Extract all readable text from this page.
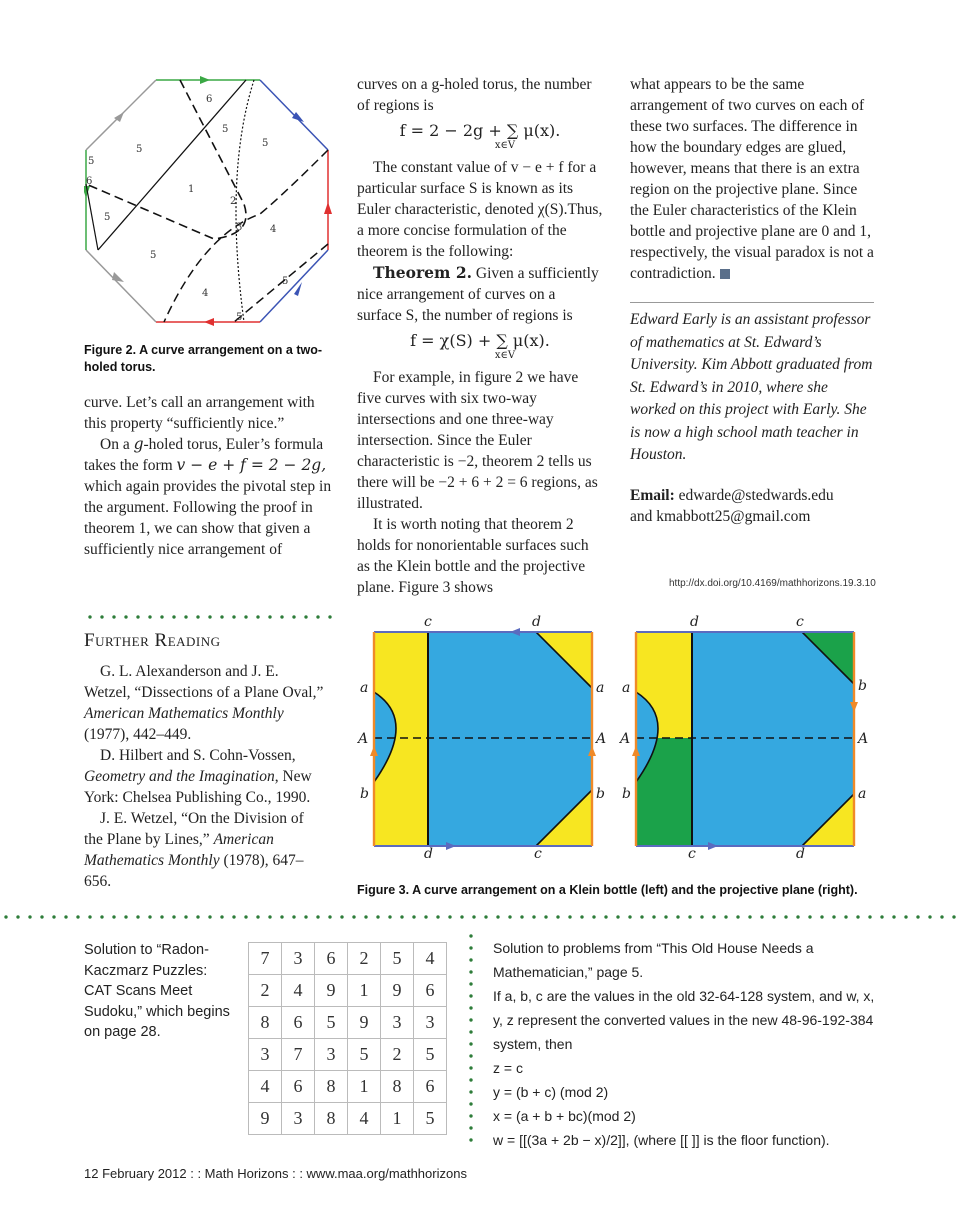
6
5
5
5
5
1
2
3	4
5
5
4
5
5
6
Figure 2. A curve arrangement on a two-holed torus.

curve. Let’s call an arrangement with this property “sufficiently nice.”

On a g-holed torus, Euler’s formula takes the form v − e + f = 2 − 2g, which again provides the pivotal step in the argument. Following the proof in theorem 1, we can show that given a sufficiently nice arrangement of

curves on a g-holed torus, the number of regions is

f = 2 − 2g + ∑ μ(x).
x∈V

The constant value of v − e + f for a particular surface S is known as its Euler characteristic, denoted χ(S).Thus, a more concise formulation of the theorem is the following:

Theorem 2. Given a sufficiently nice arrangement of curves on a surface S, the number of regions is

f = χ(S) + ∑ μ(x).
x∈V

For example, in figure 2 we have five curves with six two-way intersections and one three-way intersection. Since the Euler characteristic is −2, theorem 2 tells us there will be −2 + 6 + 2 = 6 regions, as illustrated.

It is worth noting that theorem 2 holds for nonorientable surfaces such as the Klein bottle and the projective plane. Figure 3 shows

what appears to be the same arrangement of two curves on each of these two surfaces. The difference in how the boundary edges are glued, however, means that there is an extra region on the projective plane. Since the Euler characteristics of the Klein bottle and projective plane are 0 and 1, respectively, the visual paradox is not a contradiction.

Edward Early is an assistant professor of mathematics at St. Edward’s University. Kim Abbott graduated from St. Edward’s in 2010, where she worked on this project with Early. She is now a high school math teacher in Houston.

Email: edwarde@stedwards.edu

and kmabbott25@gmail.com

http://dx.doi.org/10.4169/mathhorizons.19.3.10
Further Reading

G. L. Alexanderson and J. E. Wetzel, “Dissections of a Plane Oval,” American Mathematics Monthly (1977), 442–449.

D. Hilbert and S. Cohn-Vossen, Geometry and the Imagination, New York: Chelsea Publishing Co., 1990.

J. E. Wetzel, “On the Division of the Plane by Lines,” American Mathematics Monthly (1978), 647–656.

c	d
a
A
b
a
A
b
d	c
a
A
b
b
A
a
d	c	c	d
Figure 3. A curve arrangement on a Klein bottle (left) and the projective plane (right).
Solution to “Radon-Kaczmarz Puzzles: CAT Scans Meet Sudoku,” which begins on page 28.
7	3	6	2	5	4
2	4	9	1	9	6
8	6	5	9	3	3
3	7	3	5	2	5
4	6	8	1	8	6
9	3	8	4	1	5

Solution to problems from “This Old House Needs a Mathematician,” page 5.

If a, b, c are the values in the old 32-64-128 system, and w, x, y, z represent the converted values in the new 48-96-192-384 system, then

z = c

y = (b + c) (mod 2)

x = (a + b + bc)(mod 2)

w = [[(3a + 2b − x)/2]], (where [[ ]] is the floor function).

12 February 2012 : : Math Horizons : : www.maa.org/mathhorizons
